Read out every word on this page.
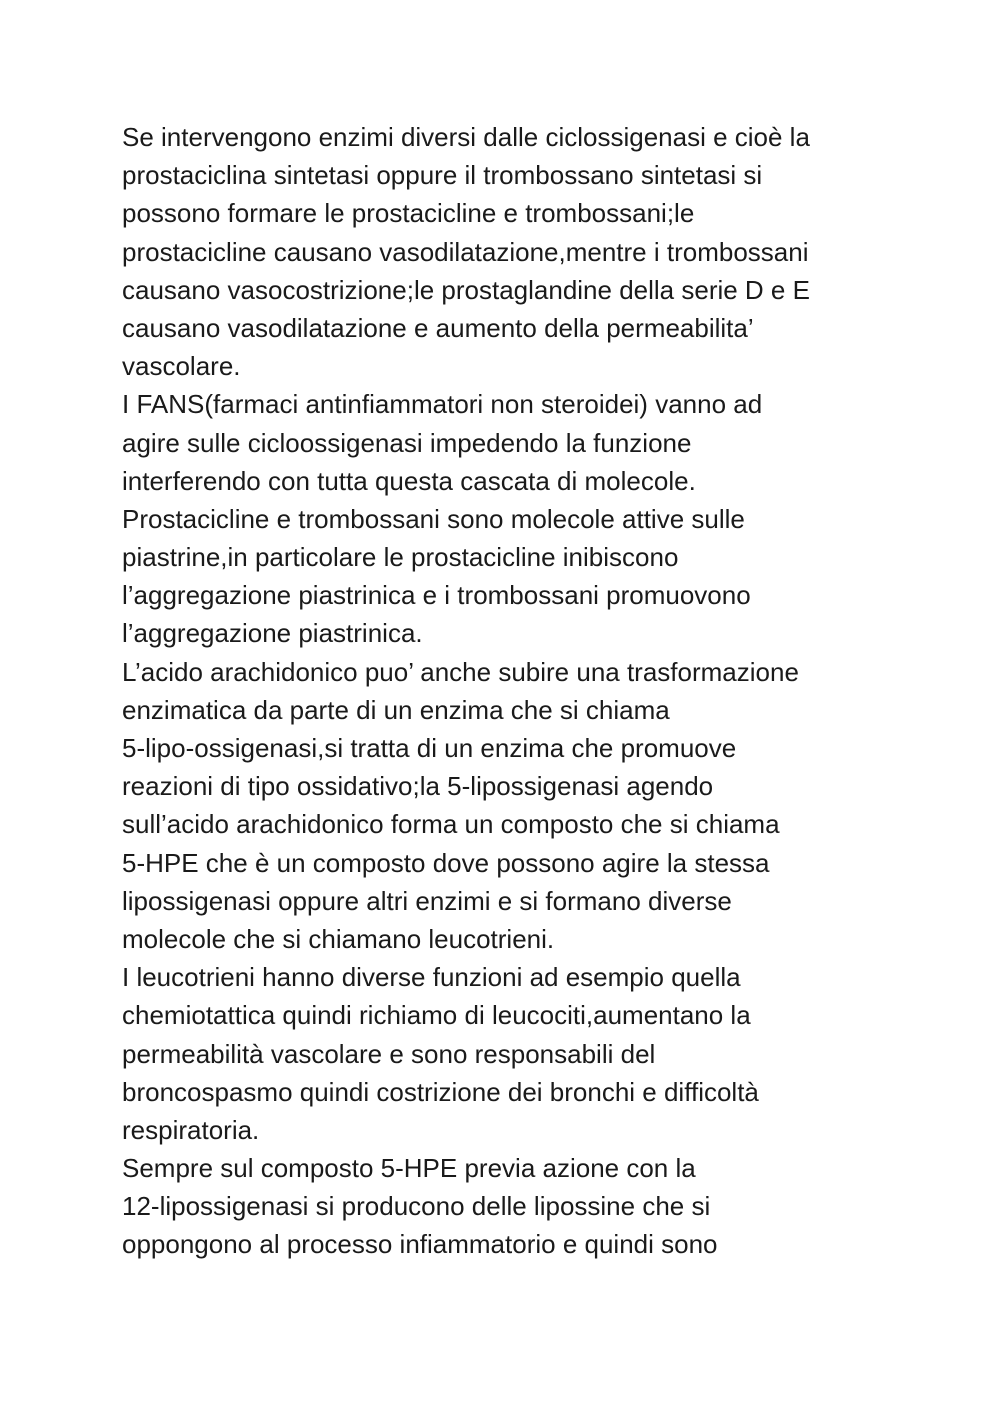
Se intervengono enzimi diversi dalle ciclossigenasi e cioè la
prostaciclina sintetasi oppure il trombossano sintetasi si
possono formare le prostacicline e trombossani;le
prostacicline causano vasodilatazione,mentre i trombossani
causano vasocostrizione;le prostaglandine della serie D e E
causano vasodilatazione e aumento della permeabilita’
vascolare.
I FANS(farmaci antinfiammatori non steroidei) vanno ad
agire sulle cicloossigenasi impedendo la funzione
interferendo con tutta questa cascata di molecole.
Prostacicline e trombossani sono molecole attive sulle
piastrine,in particolare le prostacicline inibiscono
l’aggregazione piastrinica e i trombossani promuovono
l’aggregazione piastrinica.
L’acido arachidonico puo’ anche subire una trasformazione
enzimatica da parte di un enzima che si chiama
5-lipo-ossigenasi,si tratta di un enzima che promuove
reazioni di tipo ossidativo;la 5-lipossigenasi agendo
sull’acido arachidonico forma un composto che si chiama
5-HPE che è un composto dove possono agire la stessa
lipossigenasi oppure altri enzimi e si formano diverse
molecole che si chiamano leucotrieni.
I leucotrieni hanno diverse funzioni ad esempio quella
chemiotattica quindi richiamo di leucociti,aumentano la
permeabilità vascolare e sono responsabili del
broncospasmo quindi costrizione dei bronchi e difficoltà
respiratoria.
Sempre sul composto 5-HPE previa azione con la
12-lipossigenasi si producono delle lipossine che si
oppongono al processo infiammatorio e quindi sono
